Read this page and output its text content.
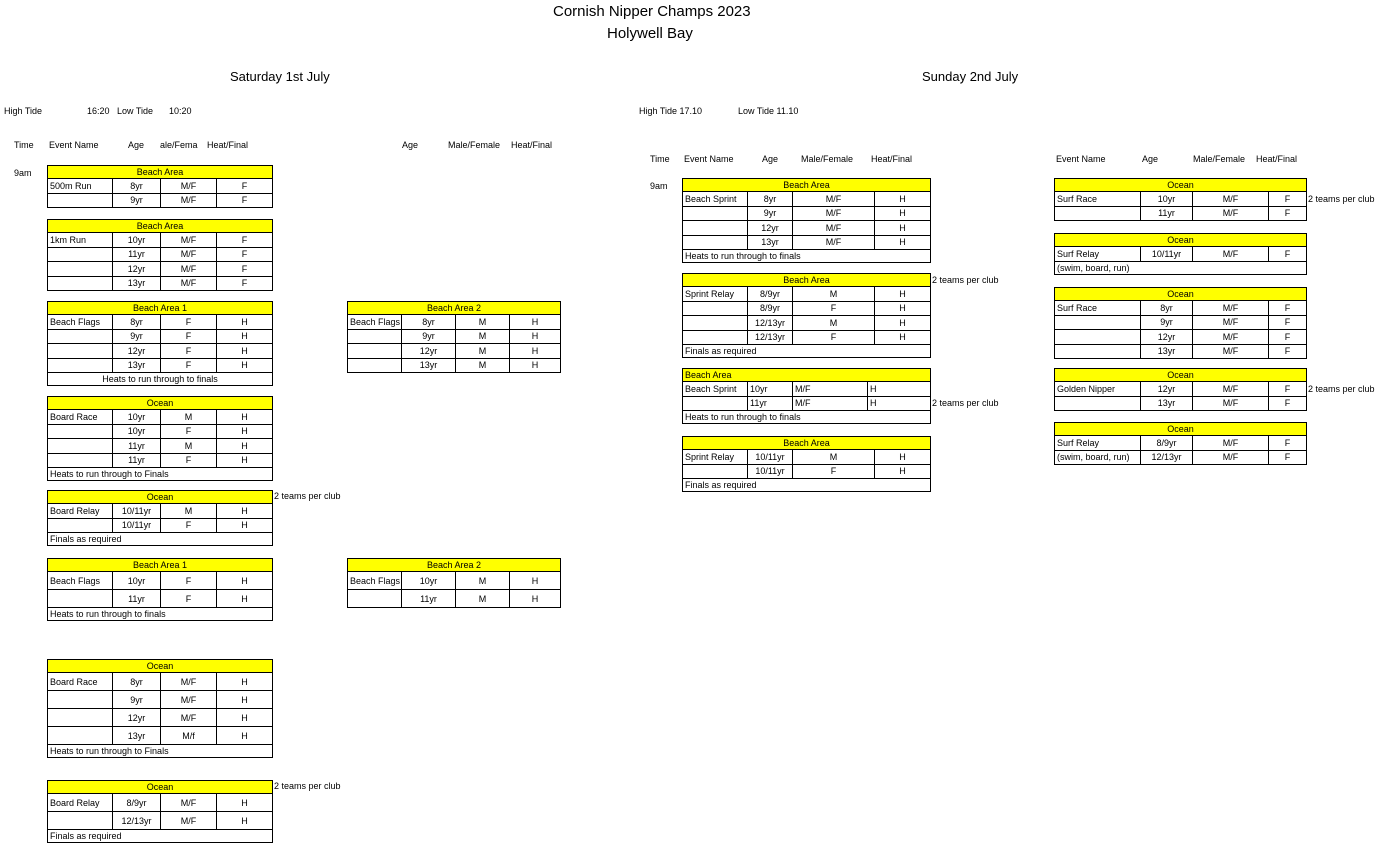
Cornish Nipper Champs 2023
Holywell Bay
Saturday 1st July
High Tide	16:20 Low Tide 10:20
Time Event Name	Age ale/Fema Heat/Final	Age	Male/Female Heat/Final
9am
Sunday 2nd July
High Tide 17.10	Low Tide 11.10
Time Event Name	Age	Male/Female Heat/Final	Event Name	Age	Male/Female Heat/Final
9am
Beach Area			
500m Run	8yr	M/F	F
	9yr	M/F	F
Beach Area			
1km Run	10yr	M/F	F
	11yr	M/F	F
	12yr	M/F	F
	13yr	M/F	F
Beach Area 1			
Beach Flags	8yr	F	H
	9yr	F	H
	12yr	F	H
	13yr	F	H
Heats to run through to finals			
Ocean			
Board Race	10yr	M	H
	10yr	F	H
	11yr	M	H
	11yr	F	H
Heats to run through to Finals			
Ocean			
Board Relay	10/11yr	M	H
	10/11yr	F	H
Finals as required			
2 teams per club
Beach Area 1			
Beach Flags	10yr	F	H
	11yr	F	H
Heats to run through to finals			
Ocean			
Board Race	8yr	M/F	H
	9yr	M/F	H
	12yr	M/F	H
	13yr	M/f	H
Heats to run through to Finals			
Ocean			
Board Relay	8/9yr	M/F	H
	12/13yr	M/F	H
Finals as required			
2 teams per club
Beach Area 2			
Beach Flags	8yr	M	H
	9yr	M	H
	12yr	M	H
	13yr	M	H
Beach Area 2			
Beach Flags	10yr	M	H
	11yr	M	H
Beach Area			
Beach Sprint	8yr	M/F	H
	9yr	M/F	H
	12yr	M/F	H
	13yr	M/F	H
Heats to run through to finals			
Beach Area			
Sprint Relay	8/9yr	M	H
	8/9yr	F	H
	12/13yr	M	H
	12/13yr	F	H
Finals as required			
2 teams per club
Beach Area			
Beach Sprint	10yr	M/F	H
	11yr	M/F	H
Heats to run through to finals			
2 teams per club
Beach Area			
Sprint Relay	10/11yr	M	H
	10/11yr	F	H
Finals as required			
Ocean			
Surf Race	10yr	M/F	F
	11yr	M/F	F
2 teams per club
Ocean
Surf Relay	10/11yr	M/F	F
(swim, board, run)
Ocean			
Surf Race	8yr	M/F	F
	9yr	M/F	F
	12yr	M/F	F
	13yr	M/F	F
Ocean			
Golden Nipper	12yr	M/F	F
	13yr	M/F	F
2 teams per club
Ocean			
Surf Relay	8/9yr	M/F	F
(swim, board, run)	12/13yr	M/F	F
